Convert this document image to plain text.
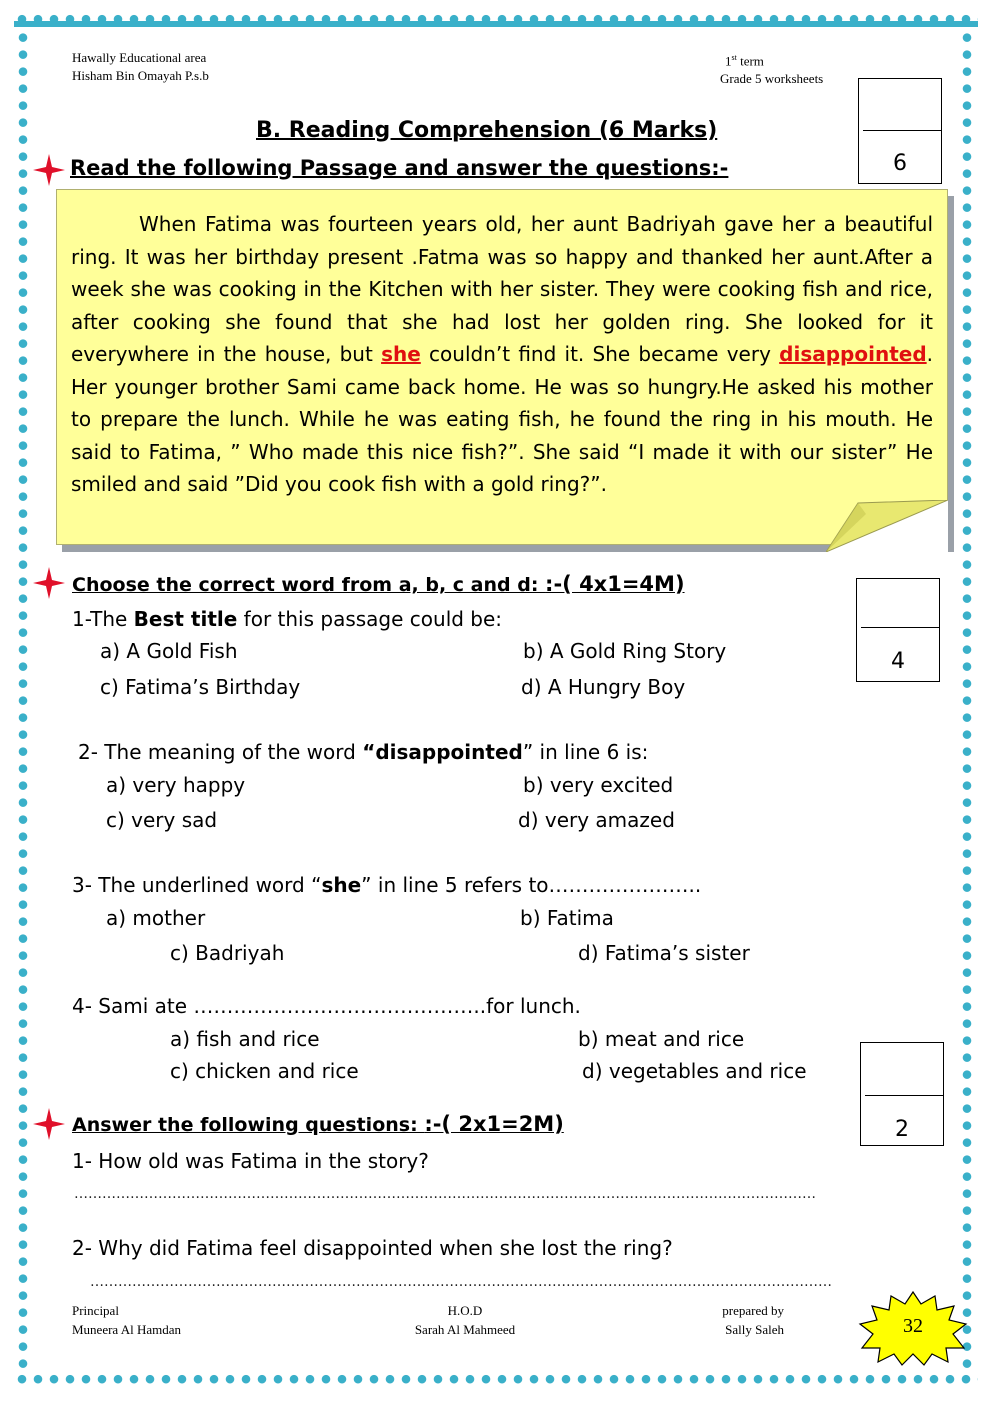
Hawally Educational area
Hisham Bin Omayah P.s.b
1st term
Grade 5 worksheets
6
B. Reading Comprehension (6 Marks)
Read the following Passage and answer the questions:-

When Fatima was fourteen years old, her aunt Badriyah gave her a beautiful ring. It was her birthday present .Fatma was so happy and thanked her aunt.After a week she was cooking in the Kitchen with her sister. They were cooking fish and rice, after cooking she found that she had lost her golden ring. She looked for it everywhere in the house, but she couldn’t find it. She became very disappointed. Her younger brother Sami came back home. He was so hungry.He asked his mother to prepare the lunch. While he was eating fish, he found the ring in his mouth. He said to Fatima, ” Who made this nice fish?”. She said “I made it with our sister” He smiled and said ”Did you cook fish with a gold ring?”.

Choose the correct word from a, b, c and d: :-( 4x1=4M)
4
1-The Best title for this passage could be:
a) A Gold Fish	b) A Gold Ring Story
c) Fatima’s Birthday	d) A Hungry Boy
2- The meaning of the word “disappointed” in line 6 is:
a) very happy	b) very excited
c) very sad	d) very amazed
3- The underlined word “she” in line 5 refers to…………………..
a) mother	b) Fatima
c) Badriyah	d) Fatima’s sister
4- Sami ate ……………………………………..for lunch.
a) fish and rice	b) meat and rice
c) chicken and rice	d) vegetables and rice
2
Answer the following questions: :-( 2x1=2M)
1- How old was Fatima in the story?
……………………………………………………………………………………………………………………………………………
2- Why did Fatima feel disappointed when she lost the ring?
……………………………………………………………………………………………………………………………………………
Principal
Muneera Al Hamdan
H.O.D
Sarah Al Mahmeed
prepared by
Sally Saleh	32
